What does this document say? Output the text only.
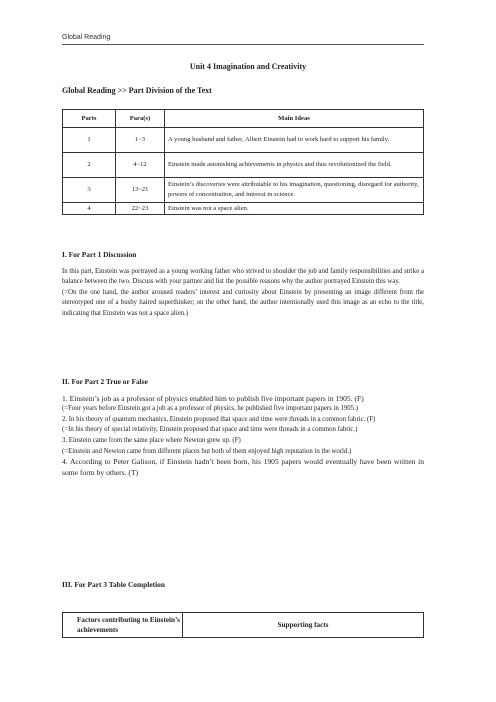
Global Reading
Unit 4 Imagination and Creativity
Global Reading >> Part Division of the Text
Parts	Para(s)	Main Ideas
1	1~3	A young husband and father, Albert Einstein had to work hard to support his family.
2	4~12	Einstein made astonishing achievements in physics and thus revolutionized the field.
3	13~21	Einstein’s discoveries were attributable to his imagination, questioning, disregard for authority, powers of concentration, and interest in science.
4	22~23	Einstein was not a space alien.
I. For Part 1 Discussion

In this part, Einstein was portrayed as a young working father who strived to shoulder the job and family responsibilities and strike a balance between the two. Discuss with your partner and list the possible reasons why the author portrayed Einstein this way.

(=On the one hand, the author aroused readers’ interest and curiosity about Einstein by presenting an image different from the stereotyped one of a bushy haired superthinker; on the other hand, the author intentionally used this image as an echo to the title, indicating that Einstein was not a space alien.)

II. For Part 2 True or False

1. Einstein’s job as a professor of physics enabled him to publish five important papers in 1905. (F)

(=Four years before Einstein got a job as a professor of physics, he published five important papers in 1905.)

2. In his theory of quantum mechanics, Einstein proposed that space and time were threads in a common fabric. (F)

(=In his theory of special relativity, Einstein proposed that space and time were threads in a common fabric.)

3. Einstein came from the same place where Newton grew up. (F)

(=Einstein and Newton came from different places but both of them enjoyed high reputation in the world.)

4. According to Peter Galison, if Einstein hadn’t been born, his 1905 papers would eventually have been written in some form by others. (T)

III. For Part 3 Table Completion
Factors contributing to Einstein’s achievements	Supporting facts
